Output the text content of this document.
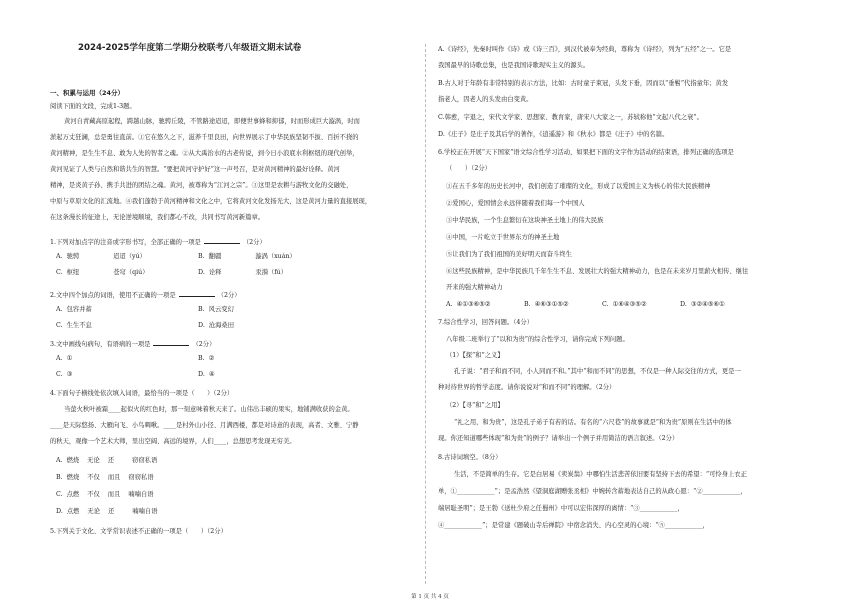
2024-2025学年度第二学期分校联考八年级语文期末试卷
一、积累与运用（24分）
阅读下面的文段，完成1-3题。
黄河自青藏高原起程，跨越山脉，驰骋丘陵，不管路途迢迢，即便世事蜂和抑郁，时而形成巨大漩涡，时而
淤起万丈狂澜，总是勇往直前。①它在悠久之下，滋养千里良田，向世界展示了中华民族坚韧不拔、百折不挠的
黄河精神，是生生不息、敢为人先的智者之魂。②从大禹治水的古老传说，到今日小浪底水利枢纽的现代创举，
黄河见证了人类与自然和谐共生的智慧。“要把黄河守护好”这一声号召，是对黄河精神的最好诠释。黄河
精神，是炎黄子孙、携手共进的团结之魂。黄河，被尊称为“江河之宗”。③这里是农耕与游牧文化的交融处，
中原与草原文化的汇流地。④我们蓬勃于黄河精神和文化之中，它将黄河文化发扬光大，这是黄河力量的直接展现，
在这条漫长的征途上，无论逆境顺境，我们都心不改，共同书写黄河新篇章。
1.下列对加点字的注音或字形书写，全部正确的一项是	（2分）
A. 驰骋	迢迢（yú）	B. 翻疆	漩涡（xuán）
C. 枢纽	苍穹（qiú）	D. 诠释	汞漪（fú）
2.文中四个加点的词语，使用不正确的一项是	（2分）
A. 包容并蓄	B. 风云变幻
C. 生生不息	D. 沧海桑田
3.文中画线句病句，有语病的一项是	（2分）
A. ①	B. ②
C. ③	D. ④
4.下面句子横线处依次填入词语，最恰当的一项是（　　）（2分）
当萤火秋叶被霜____起似火的红色时，那一刻意味着秋天来了。山伟出丰硕的果实，地铺满收获的金黄。
____是天际悠扬、大雁向飞、小鸟啁啾。____是村外山小径、月满西楼，都是对诗意的表现，高者、文雅、宁静
的秋天，观像一个艺术大师，里出空阔、高远的境界，人们____，总想思考发现无穷美。
A. 燃烧 无论 还	窃窃私语
B. 燃烧 不仅 而且 窃窃私语
C. 点燃 不仅 而且 喃喃自语
D. 点燃 无论 还	喃喃自语
5.下列关于文化、文学常识表述不正确的一项是（　　）（2分）
A.《诗经》，先秦时叫作《诗》或《诗三百》，到汉代被奉为经典，尊称为《诗经》，列为“五经”之一。它是
我国最早的诗歌总集，也是我国诗歌现实主义的源头。
B.古人对于年龄有非常特别的表示方法，比如：古时童子束冠，头发下垂，因而以“垂髫”代指童年；黄发
指老人，因老人的头发由白变黄。
C.韩愈，字退之，宋代文学家、思想家、教育家，唐宋八大家之一，苏轼称他“文起八代之衰”。
D.《庄子》是庄子及其后学的著作，《逍遥游》和《秋水》都是《庄子》中的名篇。
6.学校正在开展“天下国家”语文综合性学习活动，如果把下面的文字作为活动的结束语，排列正确的选项是
（　　）（2分）
①在五千多年的历史长河中，我们创造了璀璨的文化，形成了以爱国主义为核心的伟大民族精神
②爱国心，爱国情会永远伴随着我们每一个中国人
③中华民族，一个生息繁衍在这块神圣土地上的伟大民族
④中国，一片屹立于世界东方的神圣土地
⑤让我们为了我们祖国的美好明天而奋斗终生
⑥这些民族精神，是中华民族几千年生生不息、发展壮大的强大精神动力，也是在未来岁月里薪火相传、继往
开来的强大精神动力
A. ④①③⑥⑤②	B. ④⑥③①⑤②	C. ①⑥④③⑤②	D. ③②④⑤⑥①
7.综合性学习，回答问题。（4分）
八年级二班举行了“以和为贵”的综合性学习，请你完成下列问题。
（1）【探“和”之义】
孔子说：“君子和而不同，小人同而不和。”其中“和而不同”的思想，不仅是一种人际交往的方式，更是一
种对待世界的哲学态度。请你说说对“和而不同”的理解。（2分）
（2）【寻“和”之用】
“礼之用，和为贵”，这是孔子弟子有若的话。有名的“六尺巷”的故事就是“和为贵”原则在生活中的体
现。你还知道哪些体现“和为贵”的例子？请举出一个例子并用简洁的语言叙述。（2分）
8.古诗词填空。（8分）
生活，不是简单的生存。它是白居易《卖炭翁》中哪怕生活悲苦依旧要有坚持下去的希望：“可怜身上衣正
单，①____________”；是孟浩然《望洞庭湖赠张丞相》中婉转含蓄地表达自己的从政心愿：“②____________，
端居耻圣明”；是王勃《送杜少府之任蜀州》中可以宏伟深厚的离情：“③____________，
④____________”；是常建《题破山寺后禅院》中宿念消失、内心空灵的心境：“⑤____________，
第 1 页 共 4 页
